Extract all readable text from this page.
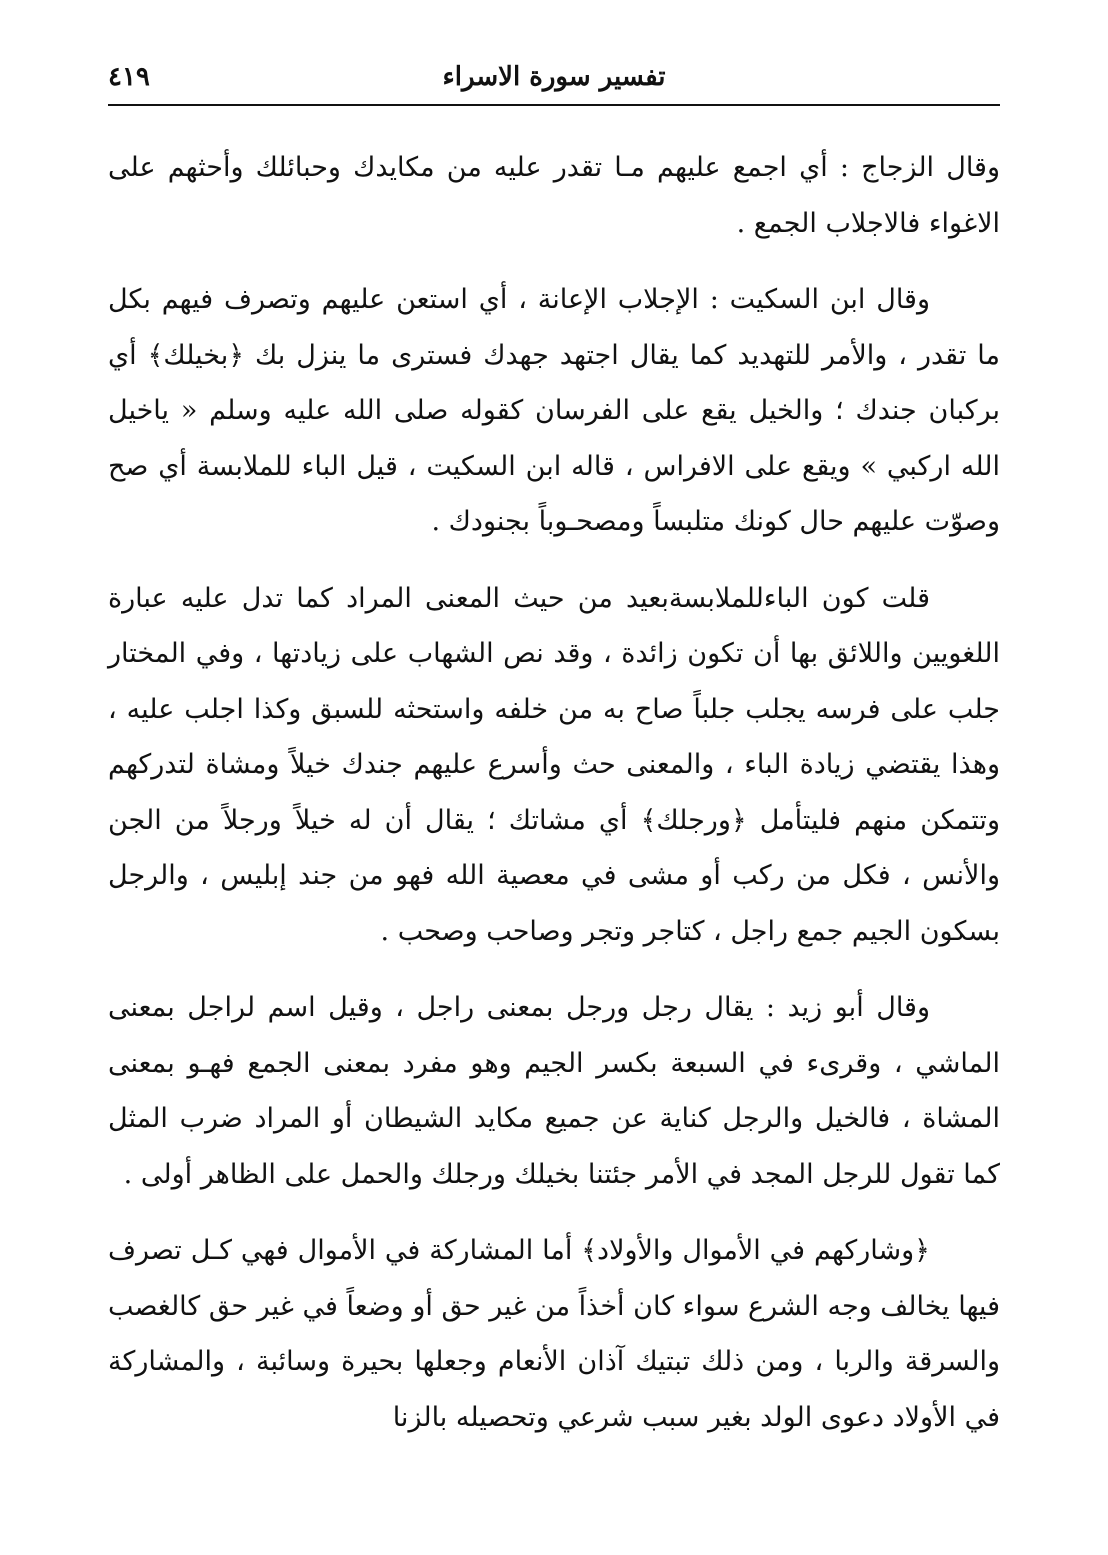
تفسير سورة الاسراء
٤١٩

وقال الزجاج : أي اجمع عليهم مـا تقدر عليه من مكايدك وحبائلك وأحثهم على الاغواء فالاجلاب الجمع .

وقال ابن السكيت : الإجلاب الإعانة ، أي استعن عليهم وتصرف فيهم بكل ما تقدر ، والأمر للتهديد كما يقال اجتهد جهدك فسترى ما ينزل بك ﴿بخيلك﴾ أي بركبان جندك ؛ والخيل يقع على الفرسان كقوله صلى الله عليه وسلم « ياخيل الله اركبي » ويقع على الافراس ، قاله ابن السكيت ، قيل الباء للملابسة أي صح وصوّت عليهم حال كونك متلبساً ومصحـوباً بجنودك .

قلت كون الباءللملابسةبعيد من حيث المعنى المراد كما تدل عليه عبارة اللغويين واللائق بها أن تكون زائدة ، وقد نص الشهاب على زيادتها ، وفي المختار جلب على فرسه يجلب جلباً صاح به من خلفه واستحثه للسبق وكذا اجلب عليه ، وهذا يقتضي زيادة الباء ، والمعنى حث وأسرع عليهم جندك خيلاً ومشاة لتدركهم وتتمكن منهم فليتأمل ﴿ورجلك﴾ أي مشاتك ؛ يقال أن له خيلاً ورجلاً من الجن والأنس ، فكل من ركب أو مشى في معصية الله فهو من جند إبليس ، والرجل بسكون الجيم جمع راجل ، كتاجر وتجر وصاحب وصحب .

وقال أبو زيد : يقال رجل ورجل بمعنى راجل ، وقيل اسم لراجل بمعنى الماشي ، وقرىء في السبعة بكسر الجيم وهو مفرد بمعنى الجمع فهـو بمعنى المشاة ، فالخيل والرجل كناية عن جميع مكايد الشيطان أو المراد ضرب المثل كما تقول للرجل المجد في الأمر جئتنا بخيلك ورجلك والحمل على الظاهر أولى .

﴿وشاركهم في الأموال والأولاد﴾ أما المشاركة في الأموال فهي كـل تصرف فيها يخالف وجه الشرع سواء كان أخذاً من غير حق أو وضعاً في غير حق كالغصب والسرقة والربا ، ومن ذلك تبتيك آذان الأنعام وجعلها بحيرة وسائبة ، والمشاركة في الأولاد دعوى الولد بغير سبب شرعي وتحصيله بالزنا
